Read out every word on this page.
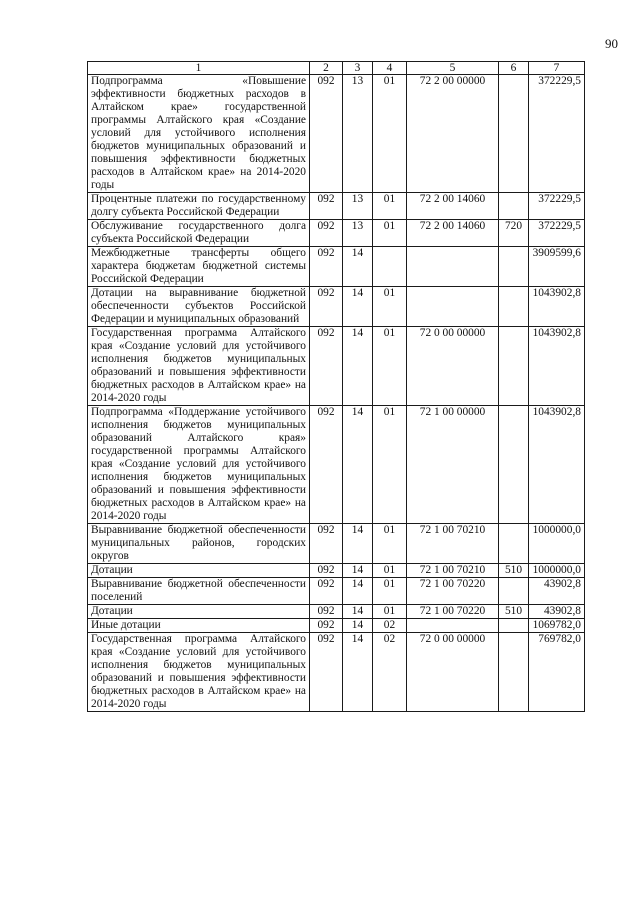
90
1	2	3	4	5	6	7
Подпрограмма «Повышение эффективности бюджетных расходов в Алтайском крае» государственной программы Алтайского края «Создание условий для устойчивого исполнения бюджетов муниципальных образований и повышения эффективности бюджетных расходов в Алтайском крае» на 2014-2020 годы	092	13	01	72 2 00 00000		372229,5
Процентные платежи по государственному долгу субъекта Российской Федерации	092	13	01	72 2 00 14060		372229,5
Обслуживание государственного долга субъекта Российской Федерации	092	13	01	72 2 00 14060	720	372229,5
Межбюджетные трансферты общего характера бюджетам бюджетной системы Российской Федерации	092	14				3909599,6
Дотации на выравнивание бюджетной обеспеченности субъектов Российской Федерации и муниципальных образований	092	14	01			1043902,8
Государственная программа Алтайского края «Создание условий для устойчивого исполнения бюджетов муниципальных образований и повышения эффективности бюджетных расходов в Алтайском крае» на 2014-2020 годы	092	14	01	72 0 00 00000		1043902,8
Подпрограмма «Поддержание устойчивого исполнения бюджетов муниципальных образований Алтайского края» государственной программы Алтайского края «Создание условий для устойчивого исполнения бюджетов муниципальных образований и повышения эффективности бюджетных расходов в Алтайском крае» на 2014-2020 годы	092	14	01	72 1 00 00000		1043902,8
Выравнивание бюджетной обеспеченности муниципальных районов, городских округов	092	14	01	72 1 00 70210		1000000,0
Дотации	092	14	01	72 1 00 70210	510	1000000,0
Выравнивание бюджетной обеспеченности поселений	092	14	01	72 1 00 70220		43902,8
Дотации	092	14	01	72 1 00 70220	510	43902,8
Иные дотации	092	14	02			1069782,0
Государственная программа Алтайского края «Создание условий для устойчивого исполнения бюджетов муниципальных образований и повышения эффективности бюджетных расходов в Алтайском крае» на 2014-2020 годы	092	14	02	72 0 00 00000		769782,0
